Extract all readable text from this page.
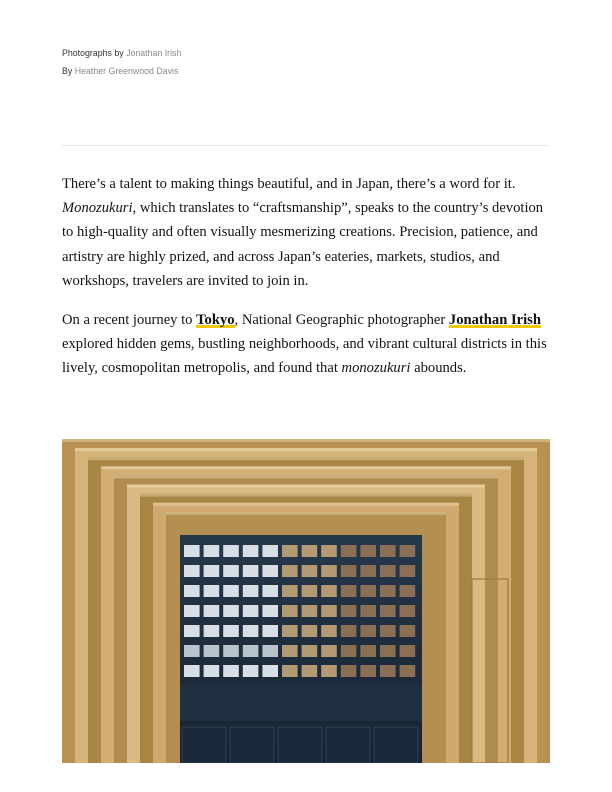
Photographs by Jonathan Irish
By Heather Greenwood Davis

There’s a talent to making things beautiful, and in Japan, there’s a word for it. Monozukuri, which translates to “craftsmanship”, speaks to the country’s devotion to high-quality and often visually mesmerizing creations. Precision, patience, and artistry are highly prized, and across Japan’s eateries, markets, studios, and workshops, travelers are invited to join in.

On a recent journey to Tokyo, National Geographic photographer Jonathan Irish explored hidden gems, bustling neighborhoods, and vibrant cultural districts in this lively, cosmopolitan metropolis, and found that monozukuri abounds.
